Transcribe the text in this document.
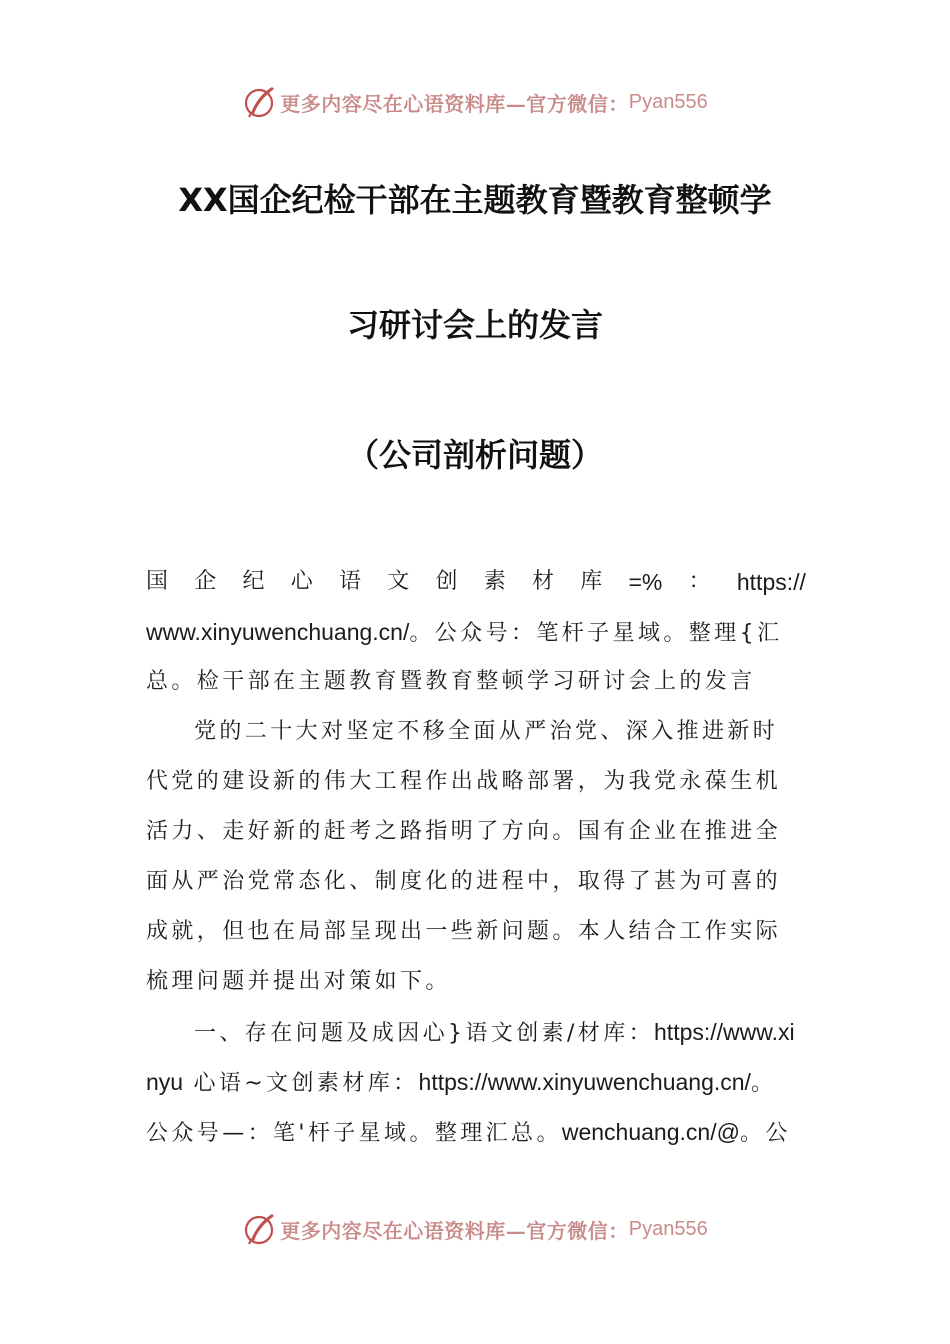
更多内容尽在心语资料库—官方微信： Pyan556
XX国企纪检干部在主题教育暨教育整顿学
习研讨会上的发言
（公司剖析问题）
国 企 纪 心 语 文 创 素 材 库 =% ： https://
www.xinyuwenchuang.cn/。公众号：笔杆子星域。整理{汇
总。检干部在主题教育暨教育整顿学习研讨会上的发言
党的二十大对坚定不移全面从严治党、深入推进新时
代党的建设新的伟大工程作出战略部署，为我党永葆生机
活力、走好新的赶考之路指明了方向。国有企业在推进全
面从严治党常态化、制度化的进程中，取得了甚为可喜的
成就，但也在局部呈现出一些新问题。本人结合工作实际
梳理问题并提出对策如下。
一、存在问题及成因心}语文创素/材库：https://www.xi
nyu 心语~文创素材库：https://www.xinyuwenchuang.cn/。
公众号—：笔'杆子星域。整理汇总。wenchuang.cn/@。公
更多内容尽在心语资料库—官方微信： Pyan556
